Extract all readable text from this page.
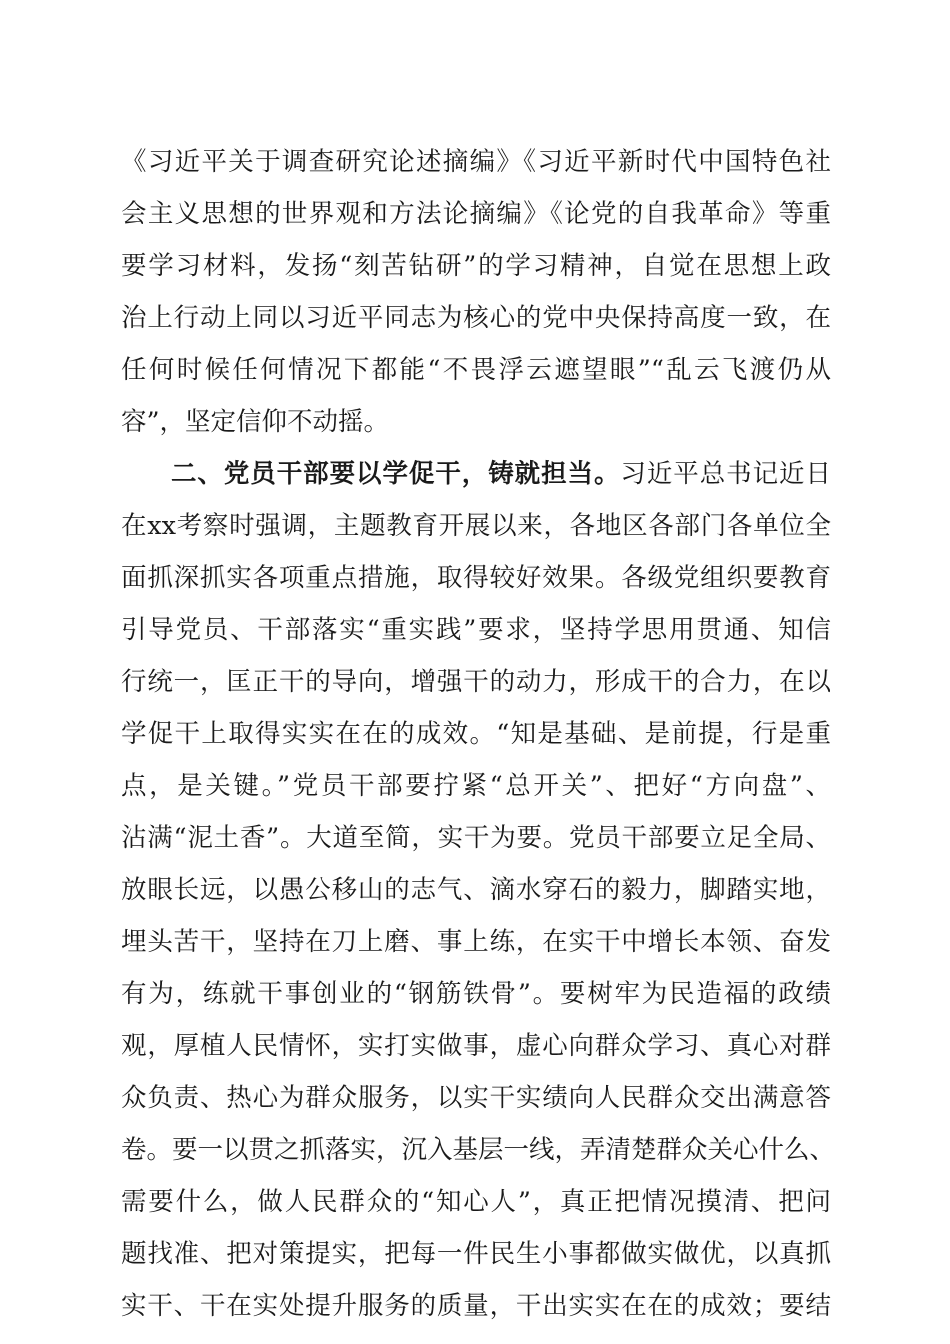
《习近平关于调查研究论述摘编》《习近平新时代中国特色社
会主义思想的世界观和方法论摘编》《论党的自我革命》等重
要学习材料，发扬“刻苦钻研”的学习精神，自觉在思想上政
治上行动上同以习近平同志为核心的党中央保持高度一致，在
任何时候任何情况下都能“不畏浮云遮望眼”“乱云飞渡仍从
容”，坚定信仰不动摇。
二、党员干部要以学促干，铸就担当。习近平总书记近日
在xx考察时强调，主题教育开展以来，各地区各部门各单位全
面抓深抓实各项重点措施，取得较好效果。各级党组织要教育
引导党员、干部落实“重实践”要求，坚持学思用贯通、知信
行统一，匡正干的导向，增强干的动力，形成干的合力，在以
学促干上取得实实在在的成效。“知是基础、是前提，行是重
点，是关键。”党员干部要拧紧“总开关”、把好“方向盘”、
沾满“泥土香”。大道至简，实干为要。党员干部要立足全局、
放眼长远，以愚公移山的志气、滴水穿石的毅力，脚踏实地，
埋头苦干，坚持在刀上磨、事上练，在实干中增长本领、奋发
有为，练就干事创业的“钢筋铁骨”。要树牢为民造福的政绩
观，厚植人民情怀，实打实做事，虚心向群众学习、真心对群
众负责、热心为群众服务，以实干实绩向人民群众交出满意答
卷。要一以贯之抓落实，沉入基层一线，弄清楚群众关心什么、
需要什么，做人民群众的“知心人”，真正把情况摸清、把问
题找准、把对策提实，把每一件民生小事都做实做优，以真抓
实干、干在实处提升服务的质量，干出实实在在的成效；要结
